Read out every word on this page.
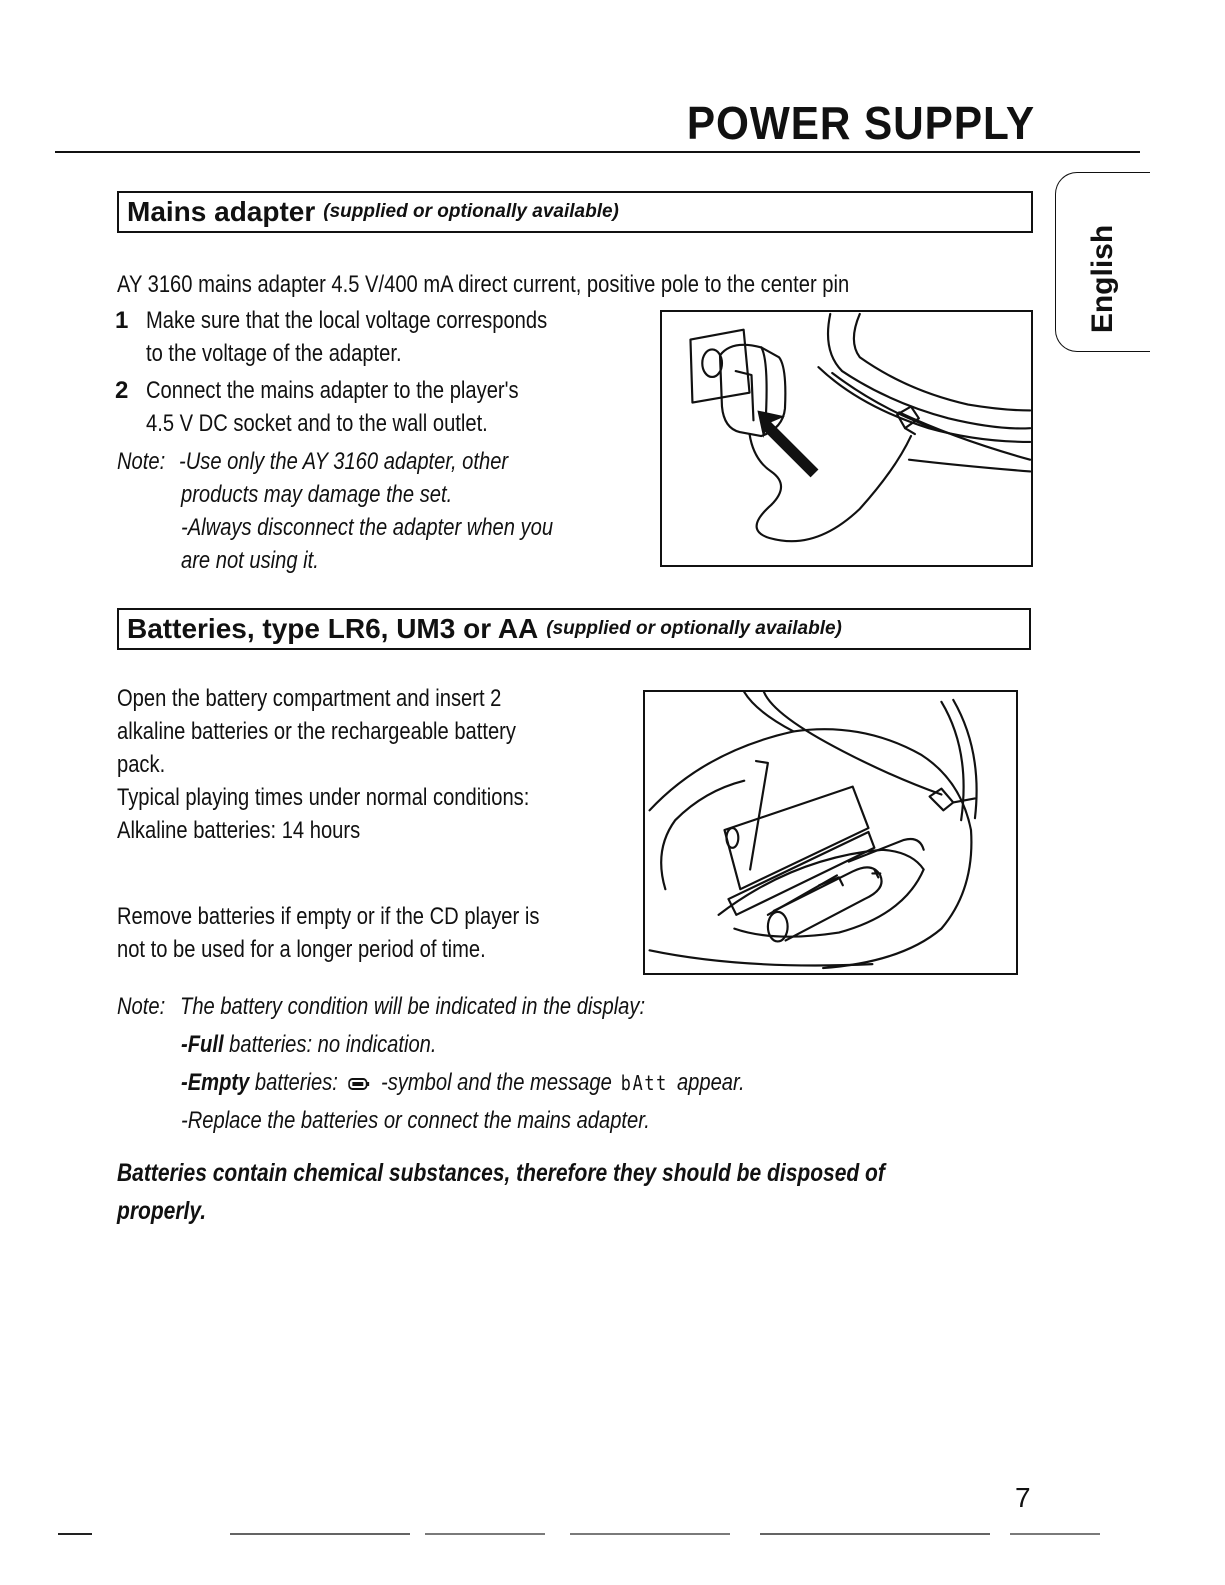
POWER SUPPLY
English
Mains adapter (supplied or optionally available)
AY 3160 mains adapter 4.5 V/400 mA direct current, positive pole to the center pin
1 Make sure that the local voltage corresponds
to the voltage of the adapter.
2 Connect the mains adapter to the player's
4.5 V DC socket and to the wall outlet.
Note: -Use only the AY 3160 adapter, other
products may damage the set.
-Always disconnect the adapter when you
are not using it.
Batteries, type LR6, UM3 or AA (supplied or optionally available)
Open the battery compartment and insert 2
alkaline batteries or the rechargeable battery
pack.
Typical playing times under normal conditions:
Alkaline batteries: 14 hours
Remove batteries if empty or if the CD player is
not to be used for a longer period of time.
Note: The battery condition will be indicated in the display:
-Full batteries: no indication.
-Empty batteries: -symbol and the message bAtt appear.
-Replace the batteries or connect the mains adapter.
Batteries contain chemical substances, therefore they should be disposed of
properly.
7
